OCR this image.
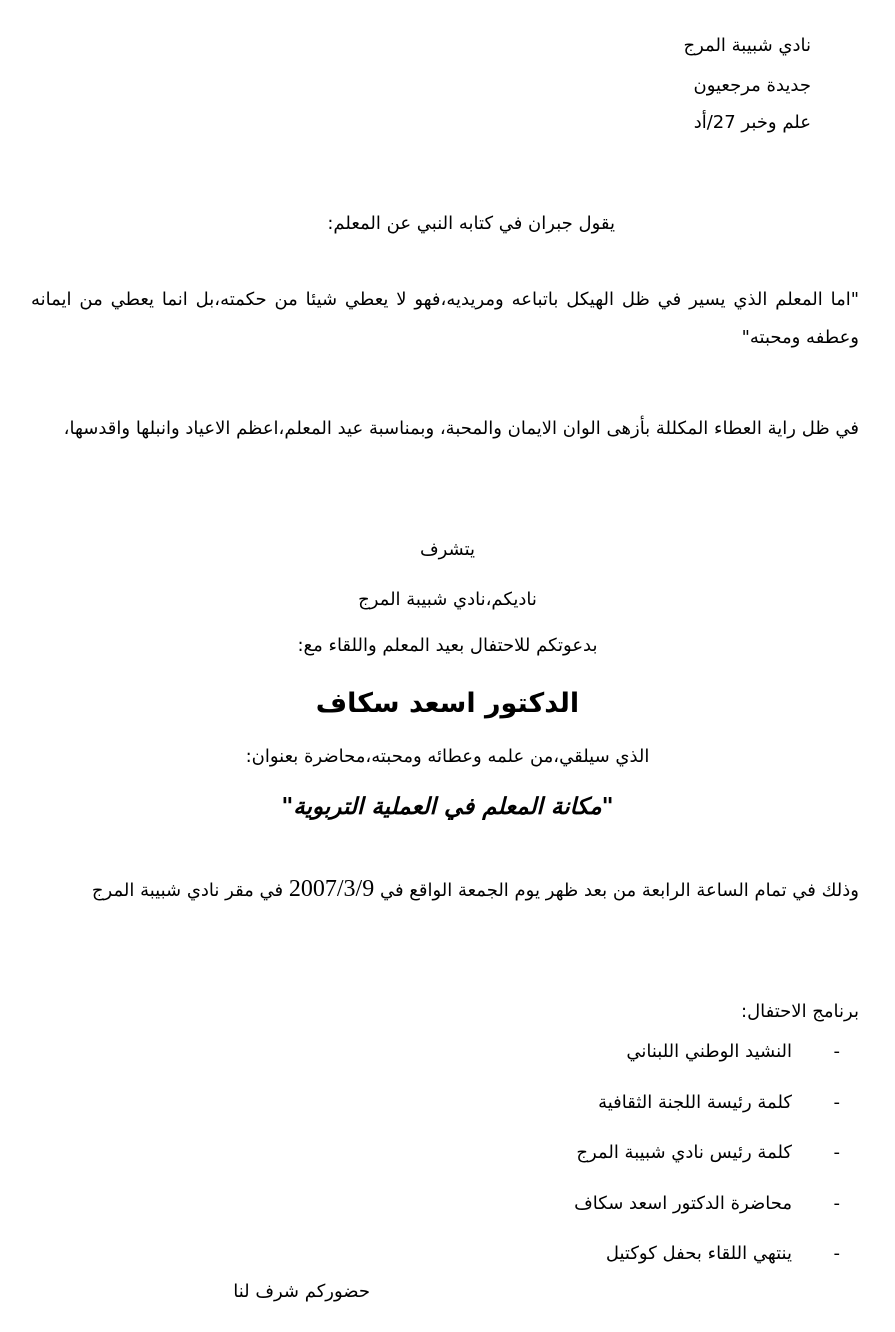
نادي شبيبة المرج
جديدة مرجعيون
علم وخبر 27/أد
يقول جبران في كتابه النبي عن المعلم:
"اما المعلم الذي يسير في ظل الهيكل باتباعه ومريديه،فهو لا يعطي شيئا من حكمته،بل انما يعطي من ايمانه وعطفه ومحبته"
في ظل راية العطاء المكللة بأزهى الوان الايمان والمحبة، وبمناسبة عيد المعلم،اعظم الاعياد وانبلها واقدسها،
يتشرف
ناديكم،نادي شبيبة المرج
بدعوتكم للاحتفال بعيد المعلم واللقاء مع:
الدكتور اسعد سكاف
الذي سيلقي،من علمه وعطائه ومحبته،محاضرة بعنوان:
"مكانة المعلم في العملية التربوية"
وذلك في تمام الساعة الرابعة من بعد ظهر يوم الجمعة الواقع في 2007/3/9 في مقر نادي شبيبة المرج
برنامج الاحتفال:
-
النشيد الوطني اللبناني
-
كلمة رئيسة اللجنة الثقافية
-
كلمة رئيس نادي شبيبة المرج
-
محاضرة الدكتور اسعد سكاف
-
ينتهي اللقاء بحفل كوكتيل
حضوركم شرف لنا
